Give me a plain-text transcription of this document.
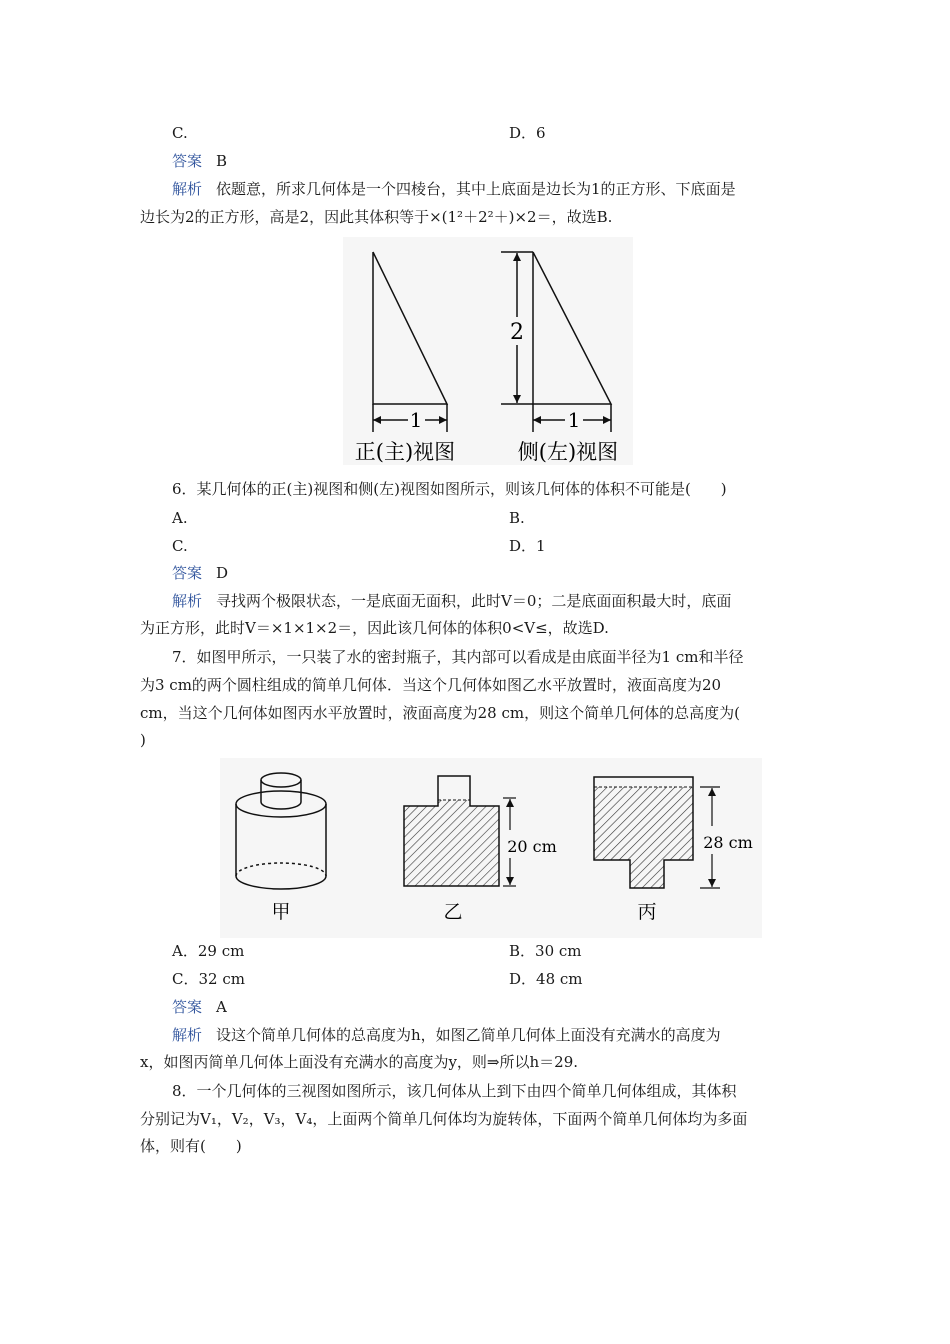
C.	D．6
答案 B
解析 依题意，所求几何体是一个四棱台，其中上底面是边长为1的正方形、下底面是
边长为2的正方形，高是2，因此其体积等于×(1²＋2²＋)×2＝，故选B.
1	1
2
正(主)视图	侧(左)视图
6．某几何体的正(主)视图和侧(左)视图如图所示，则该几何体的体积不可能是(　　)
A.	B.
C.	D．1
答案 D
解析 寻找两个极限状态，一是底面无面积，此时V＝0；二是底面面积最大时，底面
为正方形，此时V＝×1×1×2＝，因此该几何体的体积0<V≤，故选D.
7．如图甲所示，一只装了水的密封瓶子，其内部可以看成是由底面半径为1 cm和半径
为3 cm的两个圆柱组成的简单几何体．当这个几何体如图乙水平放置时，液面高度为20
cm，当这个几何体如图丙水平放置时，液面高度为28 cm，则这个简单几何体的总高度为(
)
20 cm	28 cm
甲	乙	丙
A．29 cm	B．30 cm
C．32 cm	D．48 cm
答案 A
解析 设这个简单几何体的总高度为h，如图乙简单几何体上面没有充满水的高度为
x，如图丙简单几何体上面没有充满水的高度为y，则⇒所以h＝29.
8．一个几何体的三视图如图所示，该几何体从上到下由四个简单几何体组成，其体积
分别记为V₁，V₂，V₃，V₄，上面两个简单几何体均为旋转体，下面两个简单几何体均为多面
体，则有(　　)
